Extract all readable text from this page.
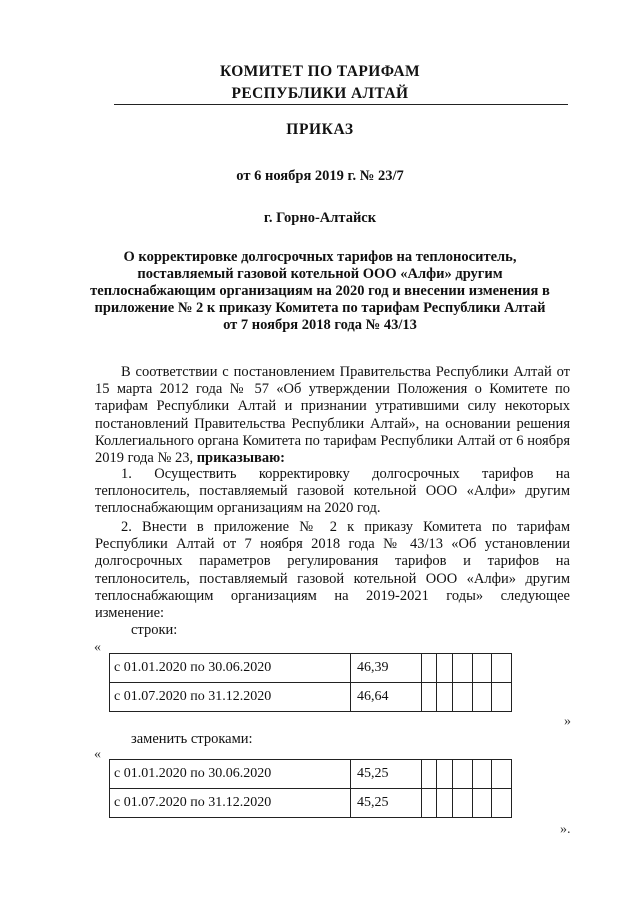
КОМИТЕТ ПО ТАРИФАМ
РЕСПУБЛИКИ АЛТАЙ
ПРИКАЗ
от 6 ноября 2019 г. № 23/7
г. Горно-Алтайск
О корректировке долгосрочных тарифов на теплоноситель,
поставляемый газовой котельной ООО «Алфи» другим
теплоснабжающим организациям на 2020 год и внесении изменения в
приложение № 2 к приказу Комитета по тарифам Республики Алтай
от 7 ноября 2018 года № 43/13
В соответствии с постановлением Правительства Республики Алтай от 15 марта 2012 года № 57 «Об утверждении Положения о Комитете по тарифам Республики Алтай и признании утратившими силу некоторых постановлений Правительства Республики Алтай», на основании решения Коллегиального органа Комитета по тарифам Республики Алтай от 6 ноября 2019 года № 23, приказываю:
1. Осуществить корректировку долгосрочных тарифов на теплоноситель, поставляемый газовой котельной ООО «Алфи» другим теплоснабжающим организациям на 2020 год.
2. Внести в приложение № 2 к приказу Комитета по тарифам Республики Алтай от 7 ноября 2018 года № 43/13 «Об установлении долгосрочных параметров регулирования тарифов и тарифов на теплоноситель, поставляемый газовой котельной ООО «Алфи» другим теплоснабжающим организациям на 2019-2021 годы» следующее изменение:
строки:
«
с 01.01.2020 по 30.06.2020	46,39					
с 01.07.2020 по 31.12.2020	46,64					
»
заменить строками:
«
с 01.01.2020 по 30.06.2020	45,25					
с 01.07.2020 по 31.12.2020	45,25					
».
